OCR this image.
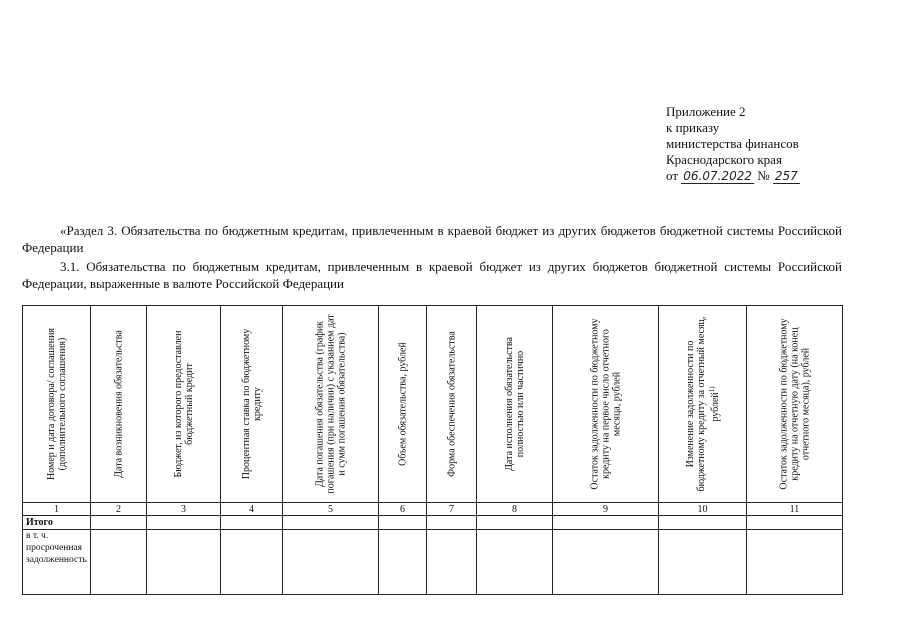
Приложение 2
к приказу
министерства финансов
Краснодарского края
от 06.07.2022 № 257
«Раздел 3. Обязательства по бюджетным кредитам, привлеченным в краевой бюджет из других бюджетов бюджетной системы Российской Федерации
3.1. Обязательства по бюджетным кредитам, привлеченным в краевой бюджет из других бюджетов бюджетной системы Российской Федерации, выраженные в валюте Российской Федерации
Номер и дата договора/ соглашения (дополнительного соглашения)	Дата возникновения обязательства	Бюджет, из которого предоставлен бюджетный кредит	Процентная ставка по бюджетному кредиту	Дата погашения обязательства (график погашения (при наличии) с указанием дат и сумм погашения обязательства)	Объем обязательства, рублей	Форма обеспечения обязательства	Дата исполнения обязательства полностью или частично	Остаток задолженности по бюджетному кредиту на первое число отчетного месяца, рублей	Изменение задолженности по бюджетному кредиту за отчетный месяц, рублей$^{1)}$	Остаток задолженности по бюджетному кредиту на отчетную дату (на конец отчетного месяца), рублей

1	2	3	4	5	6	7	8	9	10	11
Итого										
в т. ч. просроченная задолженность										
